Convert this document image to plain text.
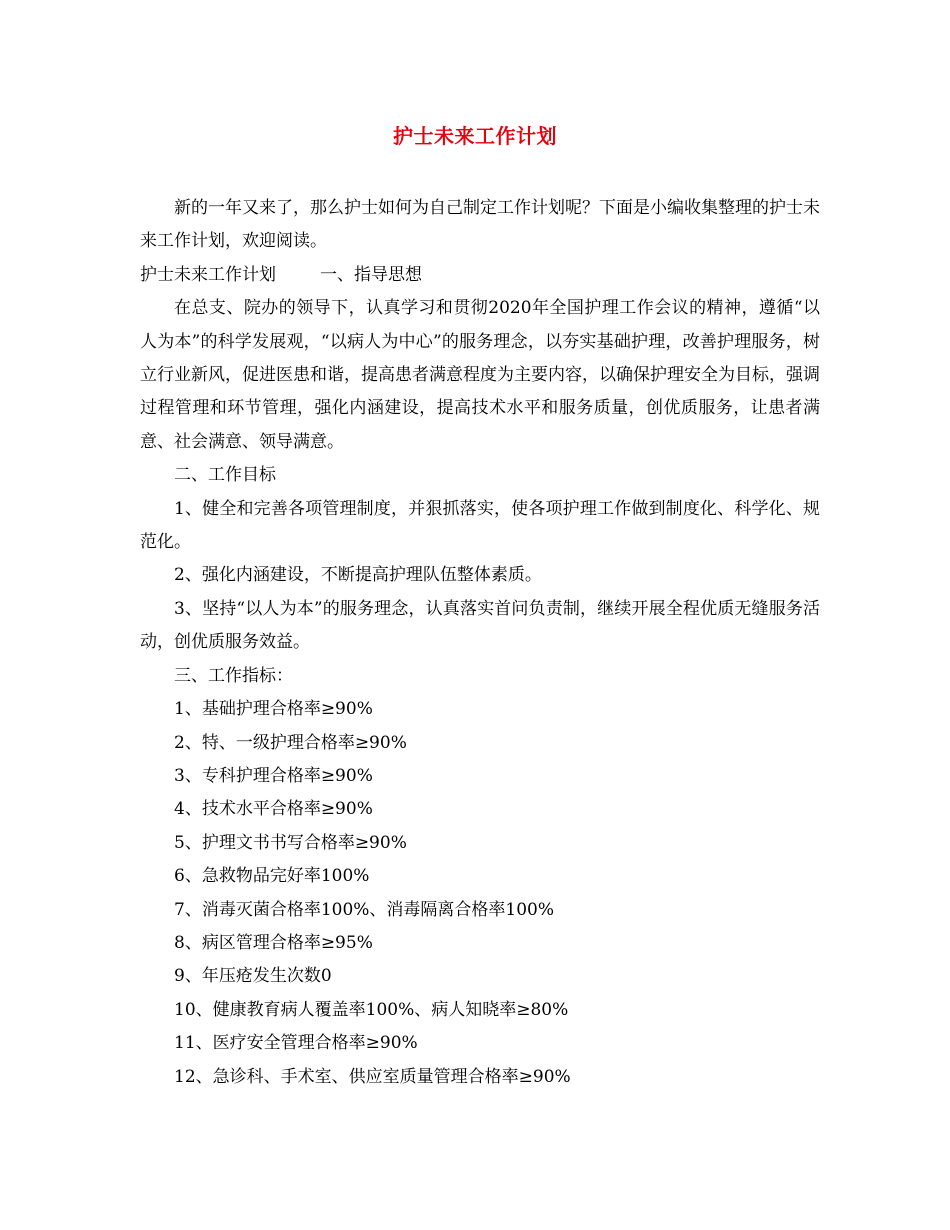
护士未来工作计划

新的一年又来了，那么护士如何为自己制定工作计划呢？下面是小编收集整理的护士未来工作计划，欢迎阅读。

护士未来工作计划	一、指导思想

在总支、院办的领导下，认真学习和贯彻2020年全国护理工作会议的精神，遵循“以人为本”的科学发展观，“以病人为中心”的服务理念，以夯实基础护理，改善护理服务，树立行业新风，促进医患和谐，提高患者满意程度为主要内容，以确保护理安全为目标，强调过程管理和环节管理，强化内涵建设，提高技术水平和服务质量，创优质服务，让患者满意、社会满意、领导满意。

二、工作目标

1、健全和完善各项管理制度，并狠抓落实，使各项护理工作做到制度化、科学化、规范化。

2、强化内涵建设，不断提高护理队伍整体素质。

3、坚持“以人为本”的服务理念，认真落实首问负责制，继续开展全程优质无缝服务活动，创优质服务效益。

三、工作指标：

1、基础护理合格率≥90%

2、特、一级护理合格率≥90%

3、专科护理合格率≥90%

4、技术水平合格率≥90%

5、护理文书书写合格率≥90%

6、急救物品完好率100%

7、消毒灭菌合格率100%、消毒隔离合格率100%

8、病区管理合格率≥95%

9、年压疮发生次数0

10、健康教育病人覆盖率100%、病人知晓率≥80%

11、医疗安全管理合格率≥90%

12、急诊科、手术室、供应室质量管理合格率≥90%
